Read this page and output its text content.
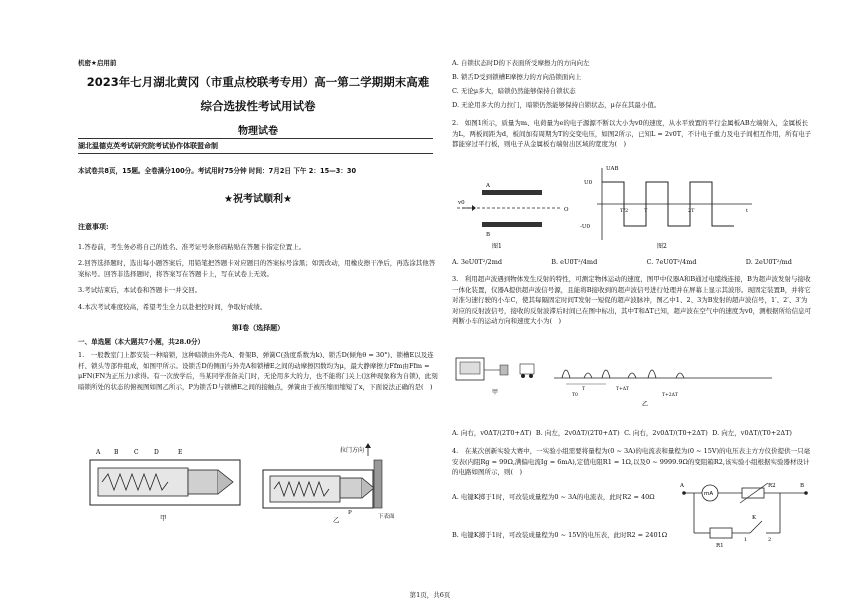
机密★启用前
2023年七月湖北黄冈（市重点校联考专用）高一第二学期期末高难
综合选拔性考试用试卷
物理试卷
湖北温德克英考试研究院考试协作体联盟命制
本试卷共8页，15题。全卷满分100分。考试用时75分钟 时间：7月2日 下午 2：15—3：30
★祝考试顺利★
注意事项:

1.答卷前，考生务必将自己的姓名、准考证号条形码粘贴在答题卡指定位置上。

2.回答选择题时，选出每小题答案后，用铅笔把答题卡对应题目的答案标号涂黑；如需改动，用橡皮擦干净后，再选涂其他答案标号。回答非选择题时，将答案写在答题卡上，写在试卷上无效。

3.考试结束后，本试卷和答题卡一并交回。

4.本次考试难度较高，希望考生全力以赴把控时间，争取好成绩。

第Ⅰ卷（选择题）
一、单选题（本大题共7小题，共28.0分）
1.　一般教室门上都安装一种暗锁，这种暗锁由外壳A、骨架B、弹簧C(劲度系数为k)、锁舌D(倾角θ = 30°)、锁槽E以及连杆、锁头等部件组成，如图甲所示。设锁舌D的侧面与外壳A和锁槽E之间的动摩擦因数均为μ，最大静摩擦力Ffm由Ffm = μFN(FN为正压力)求得。有一次放学后，当某同学准备关门时，无论用多大的力，也不能将门关上(这种现象称为自锁)，此刻暗锁所处的状态的俯视图如图乙所示，P为锁舌D与锁槽E之间的接触点，弹簧由于被压缩而缩短了x，下面说法正确的是(　)
A B	C	D	E
甲
拉门方向
P
下表面
乙
A. 自锁状态时D的下表面所受摩擦力的方向向左
B. 锁舌D受到锁槽E摩擦力的方向沿锁面向上
C. 无论μ多大，暗锁仍然能够保持自锁状态
D. 无论用多大的力拉门，暗锁仍然能够保持自锁状态，μ存在其最小值。
2.　如图1所示，质量为m、电荷量为e的电子源源不断以大小为v0的速度，从水平放置的平行金属板AB左端射入，金属板长为L，两板间距为d，板间加有周期为T的交变电压，如图2所示，已知L = 2v0T，不计电子重力及电子间相互作用，所有电子都能穿过平行板，则电子从金属板右端射出区域的宽度为(　)
v0
O
A
B
图1
U0
-U0
UAB
T/2	T	2T	t
图2
A. 3eU0T²/2md	B. eU0T²/4md	C. 7eU0T²/4md	D. 2eU0T²/md
3.　利用超声波遇到物体发生反射的特性，可测定物体运动的速度，图甲中仪器A和B通过电缆线连接，B为超声波发射与接收一体化装置，仪器A提供超声波信号源，且能将B接收到的超声波信号进行处理并在屏幕上显示其波形。现固定装置B，并将它对准匀速行驶的小车C，使其每隔固定时间T发射一短促的超声波脉冲，图乙中1、2、3为B发射的超声波信号，1′、2′、3′为对应的反射波信号，接收的反射波滞后时间已在图中标出，其中T和ΔT已知，超声波在空气中的速度为v0，测根据所给信息可判断小车的运动方向和速度大小为(　)
甲	T	T+ΔT
T+2ΔT
T0
乙
A. 向右，v0ΔT/(2T0+ΔT) B. 向左，2v0ΔT/(2T0+ΔT) C. 向右，2v0ΔT/(T0+2ΔT) D. 向左，v0ΔT/(T0+2ΔT)
4.　在某次创新实验大赛中，一实验小组需要将量程为(0 ~ 3A)的电流表和量程为(0 ~ 15V)的电压表主方方仪价提供一只毫安表(内阻Rg = 99Ω,满偏电流Ig = 6mA),定值电阻R1 = 1Ω,以及0 ~ 9999.9Ω的变阻箱R2,该实验小组根据实验器材设计的电路如图所示，则(　)
A. 电键K掷于1时，可改装成量程为0 ~ 3A的电流表，此时R2 = 40Ω
B. 电键K掷于1时，可改装成量程为0 ~ 15V的电压表，此时R2 = 2401Ω
mA
R2
R1
K
1	2
A	B
第1页，共6页
